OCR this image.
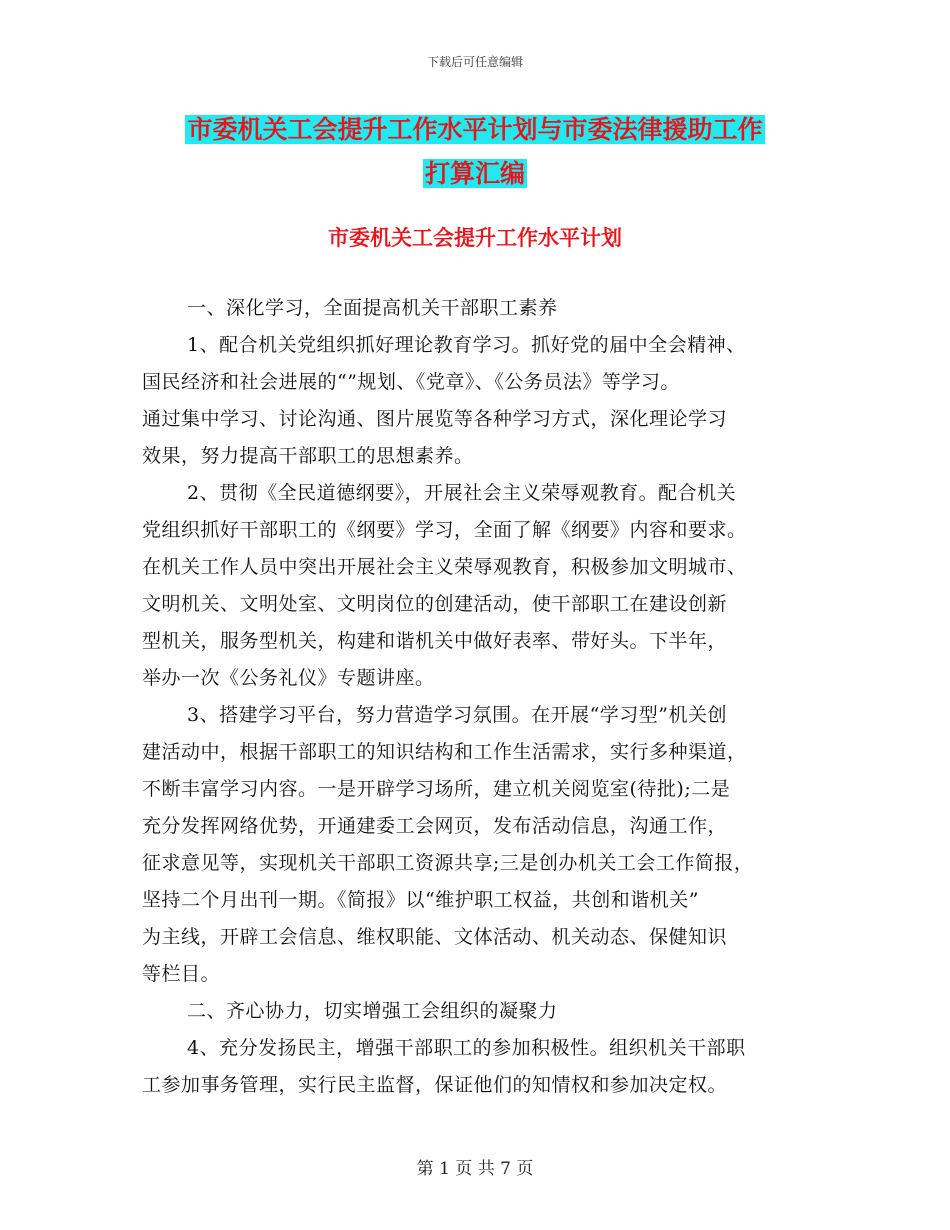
下载后可任意编辑
市委机关工会提升工作水平计划与市委法律援助工作
打算汇编
市委机关工会提升工作水平计划
一、深化学习，全面提高机关干部职工素养
1、配合机关党组织抓好理论教育学习。抓好党的届中全会精神、
国民经济和社会进展的“”规划、《党章》、《公务员法》等学习。
通过集中学习、讨论沟通、图片展览等各种学习方式，深化理论学习
效果，努力提高干部职工的思想素养。
2、贯彻《全民道德纲要》，开展社会主义荣辱观教育。配合机关
党组织抓好干部职工的《纲要》学习，全面了解《纲要》内容和要求。
在机关工作人员中突出开展社会主义荣辱观教育，积极参加文明城市、
文明机关、文明处室、文明岗位的创建活动，使干部职工在建设创新
型机关，服务型机关，构建和谐机关中做好表率、带好头。下半年，
举办一次《公务礼仪》专题讲座。
3、搭建学习平台，努力营造学习氛围。在开展“学习型”机关创
建活动中，根据干部职工的知识结构和工作生活需求，实行多种渠道，
不断丰富学习内容。一是开辟学习场所，建立机关阅览室(待批);二是
充分发挥网络优势，开通建委工会网页，发布活动信息，沟通工作，
征求意见等，实现机关干部职工资源共享;三是创办机关工会工作简报，
坚持二个月出刊一期。《简报》以“维护职工权益，共创和谐机关”
为主线，开辟工会信息、维权职能、文体活动、机关动态、保健知识
等栏目。
二、齐心协力，切实增强工会组织的凝聚力
4、充分发扬民主，增强干部职工的参加积极性。组织机关干部职
工参加事务管理，实行民主监督，保证他们的知情权和参加决定权。
第 1 页 共 7 页
